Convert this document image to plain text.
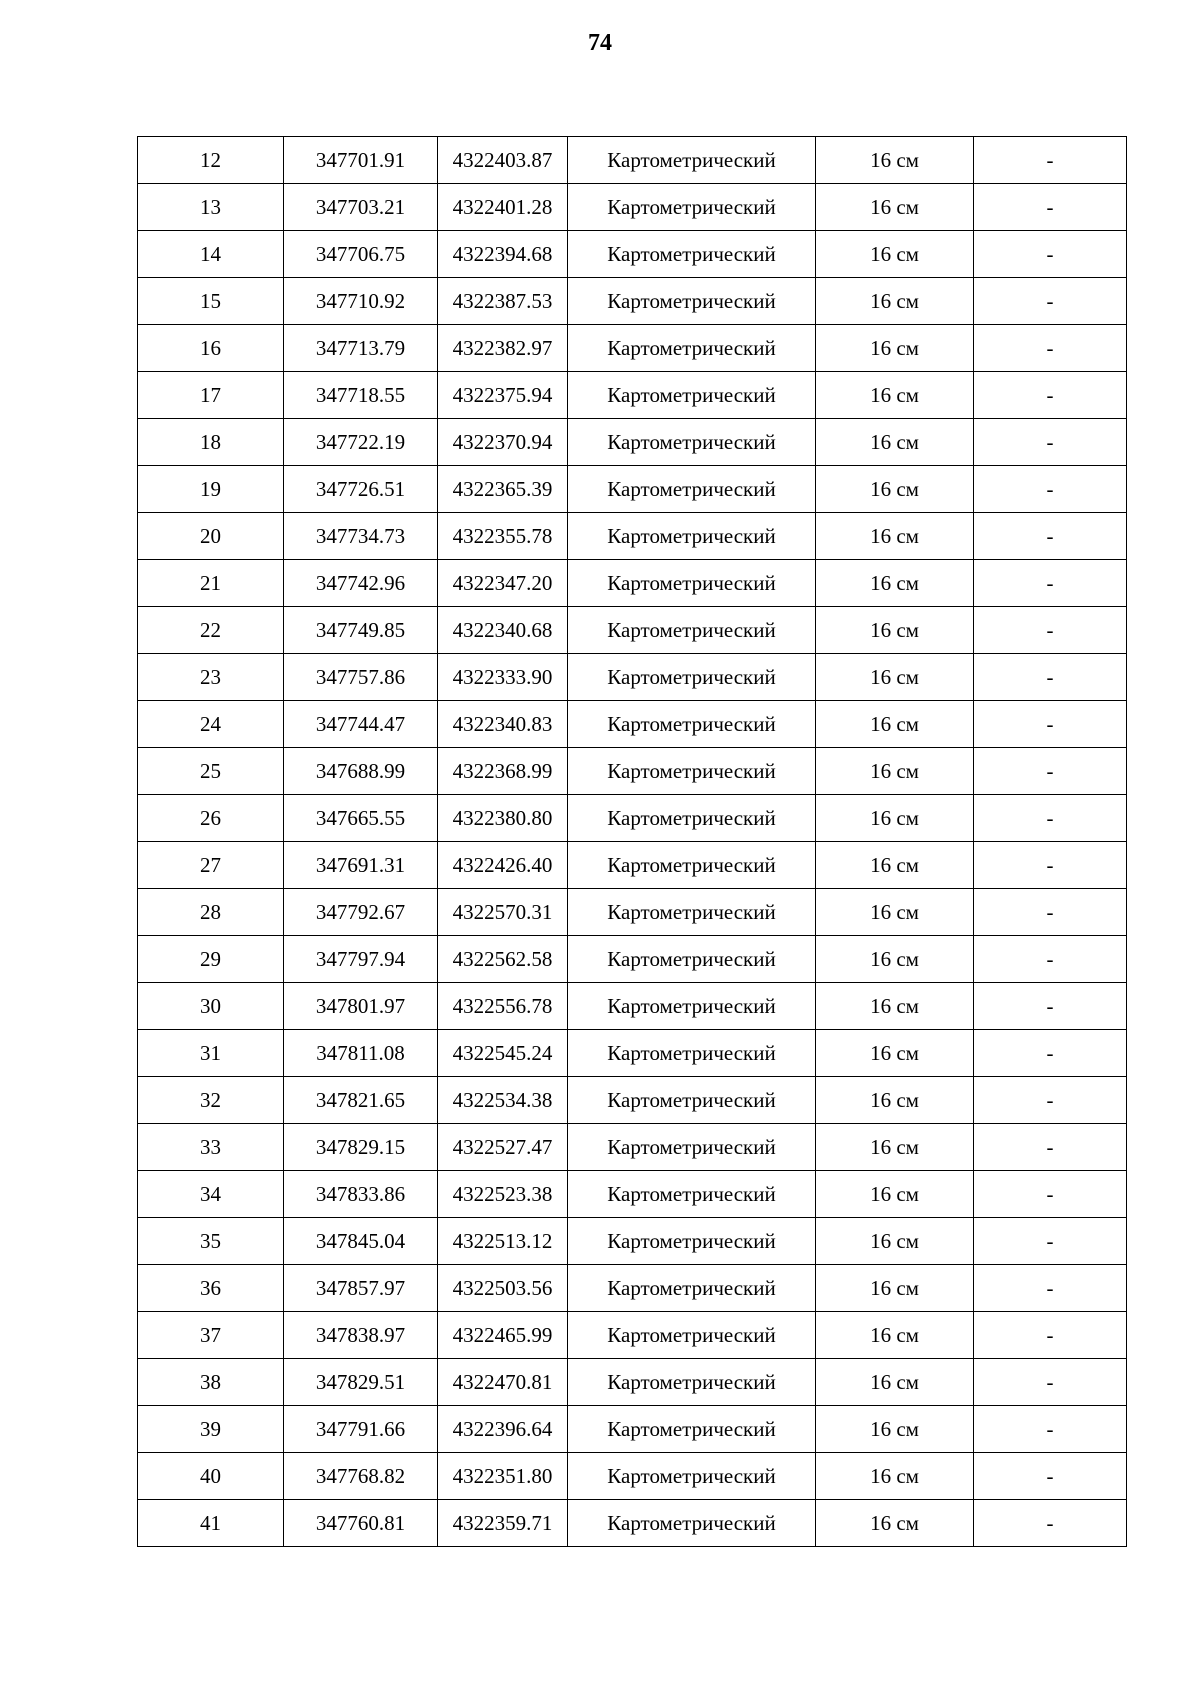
74
12	347701.91	4322403.87	Картометрический	16 см	-
13	347703.21	4322401.28	Картометрический	16 см	-
14	347706.75	4322394.68	Картометрический	16 см	-
15	347710.92	4322387.53	Картометрический	16 см	-
16	347713.79	4322382.97	Картометрический	16 см	-
17	347718.55	4322375.94	Картометрический	16 см	-
18	347722.19	4322370.94	Картометрический	16 см	-
19	347726.51	4322365.39	Картометрический	16 см	-
20	347734.73	4322355.78	Картометрический	16 см	-
21	347742.96	4322347.20	Картометрический	16 см	-
22	347749.85	4322340.68	Картометрический	16 см	-
23	347757.86	4322333.90	Картометрический	16 см	-
24	347744.47	4322340.83	Картометрический	16 см	-
25	347688.99	4322368.99	Картометрический	16 см	-
26	347665.55	4322380.80	Картометрический	16 см	-
27	347691.31	4322426.40	Картометрический	16 см	-
28	347792.67	4322570.31	Картометрический	16 см	-
29	347797.94	4322562.58	Картометрический	16 см	-
30	347801.97	4322556.78	Картометрический	16 см	-
31	347811.08	4322545.24	Картометрический	16 см	-
32	347821.65	4322534.38	Картометрический	16 см	-
33	347829.15	4322527.47	Картометрический	16 см	-
34	347833.86	4322523.38	Картометрический	16 см	-
35	347845.04	4322513.12	Картометрический	16 см	-
36	347857.97	4322503.56	Картометрический	16 см	-
37	347838.97	4322465.99	Картометрический	16 см	-
38	347829.51	4322470.81	Картометрический	16 см	-
39	347791.66	4322396.64	Картометрический	16 см	-
40	347768.82	4322351.80	Картометрический	16 см	-
41	347760.81	4322359.71	Картометрический	16 см	-
